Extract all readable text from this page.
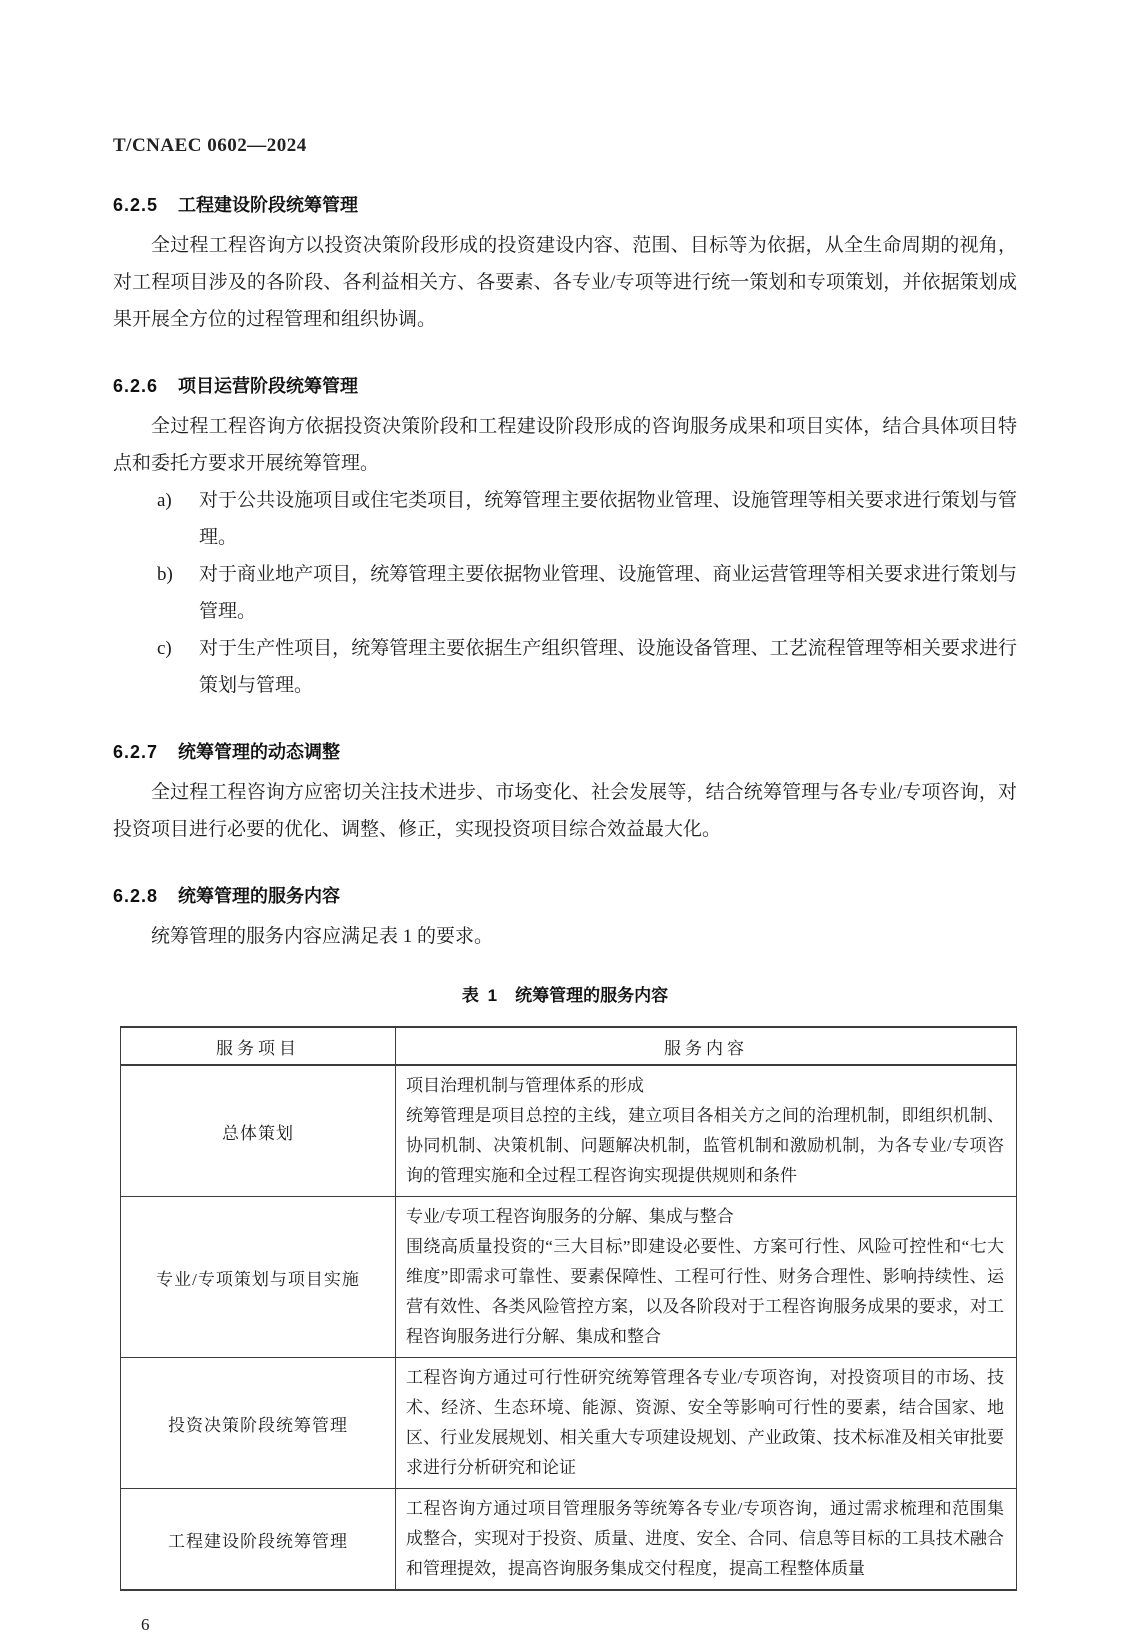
T/CNAEC 0602—2024
6.2.5 工程建设阶段统筹管理

全过程工程咨询方以投资决策阶段形成的投资建设内容、范围、目标等为依据，从全生命周期的视角，对工程项目涉及的各阶段、各利益相关方、各要素、各专业/专项等进行统一策划和专项策划，并依据策划成果开展全方位的过程管理和组织协调。

6.2.6 项目运营阶段统筹管理

全过程工程咨询方依据投资决策阶段和工程建设阶段形成的咨询服务成果和项目实体，结合具体项目特点和委托方要求开展统筹管理。

a)	对于公共设施项目或住宅类项目，统筹管理主要依据物业管理、设施管理等相关要求进行策划与管理。
b)	对于商业地产项目，统筹管理主要依据物业管理、设施管理、商业运营管理等相关要求进行策划与管理。
c)	对于生产性项目，统筹管理主要依据生产组织管理、设施设备管理、工艺流程管理等相关要求进行策划与管理。
6.2.7 统筹管理的动态调整

全过程工程咨询方应密切关注技术进步、市场变化、社会发展等，结合统筹管理与各专业/专项咨询，对投资项目进行必要的优化、调整、修正，实现投资项目综合效益最大化。

6.2.8 统筹管理的服务内容

统筹管理的服务内容应满足表 1 的要求。

表 1 统筹管理的服务内容
服务项目	服务内容
总体策划	项目治理机制与管理体系的形成
统筹管理是项目总控的主线，建立项目各相关方之间的治理机制，即组织机制、协同机制、决策机制、问题解决机制，监管机制和激励机制，为各专业/专项咨询的管理实施和全过程工程咨询实现提供规则和条件

专业/专项策划与项目实施	专业/专项工程咨询服务的分解、集成与整合
围绕高质量投资的“三大目标”即建设必要性、方案可行性、风险可控性和“七大维度”即需求可靠性、要素保障性、工程可行性、财务合理性、影响持续性、运营有效性、各类风险管控方案，以及各阶段对于工程咨询服务成果的要求，对工程咨询服务进行分解、集成和整合

投资决策阶段统筹管理	工程咨询方通过可行性研究统筹管理各专业/专项咨询，对投资项目的市场、技术、经济、生态环境、能源、资源、安全等影响可行性的要素，结合国家、地区、行业发展规划、相关重大专项建设规划、产业政策、技术标准及相关审批要求进行分析研究和论证

工程建设阶段统筹管理	工程咨询方通过项目管理服务等统筹各专业/专项咨询，通过需求梳理和范围集成整合，实现对于投资、质量、进度、安全、合同、信息等目标的工具技术融合和管理提效，提高咨询服务集成交付程度，提高工程整体质量
6
